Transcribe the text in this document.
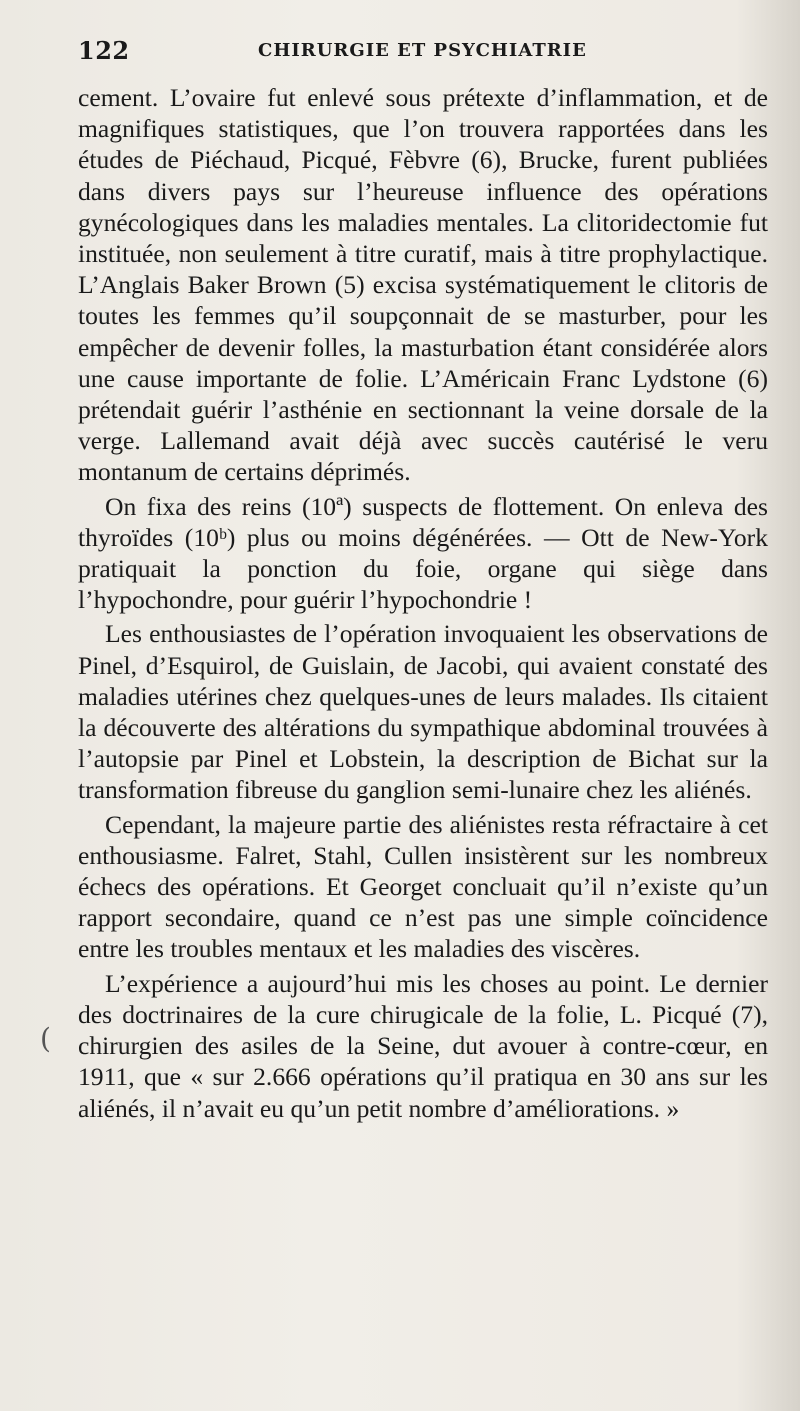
122	CHIRURGIE ET PSYCHIATRIE
(

cement. L’ovaire fut enlevé sous prétexte d’inflammation, et de magnifiques statistiques, que l’on trouvera rapportées dans les études de Piéchaud, Picqué, Fèbvre (6), Brucke, furent publiées dans divers pays sur l’heureuse influence des opérations gynécologiques dans les maladies mentales. La clitoridectomie fut instituée, non seulement à titre curatif, mais à titre prophylactique. L’Anglais Baker Brown (5) excisa systématiquement le clitoris de toutes les femmes qu’il soupçonnait de se masturber, pour les empêcher de devenir folles, la masturbation étant considérée alors une cause importante de folie. L’Américain Franc Lydstone (6) prétendait guérir l’asthénie en sectionnant la veine dorsale de la verge. Lallemand avait déjà avec succès cautérisé le veru montanum de certains déprimés.

On fixa des reins (10ª) suspects de flottement. On enleva des thyroïdes (10ᵇ) plus ou moins dégénérées. — Ott de New-York pratiquait la ponction du foie, organe qui siège dans l’hypochondre, pour guérir l’hypochondrie !

Les enthousiastes de l’opération invoquaient les observations de Pinel, d’Esquirol, de Guislain, de Jacobi, qui avaient constaté des maladies utérines chez quelques-unes de leurs malades. Ils citaient la découverte des altérations du sympathique abdominal trouvées à l’autopsie par Pinel et Lobstein, la description de Bichat sur la transformation fibreuse du ganglion semi-lunaire chez les aliénés.

Cependant, la majeure partie des aliénistes resta réfractaire à cet enthousiasme. Falret, Stahl, Cullen insistèrent sur les nombreux échecs des opérations. Et Georget concluait qu’il n’existe qu’un rapport secondaire, quand ce n’est pas une simple coïncidence entre les troubles mentaux et les maladies des viscères.

L’expérience a aujourd’hui mis les choses au point. Le dernier des doctrinaires de la cure chirugicale de la folie, L. Picqué (7), chirurgien des asiles de la Seine, dut avouer à contre-cœur, en 1911, que « sur 2.666 opérations qu’il pratiqua en 30 ans sur les aliénés, il n’avait eu qu’un petit nombre d’améliorations. »
